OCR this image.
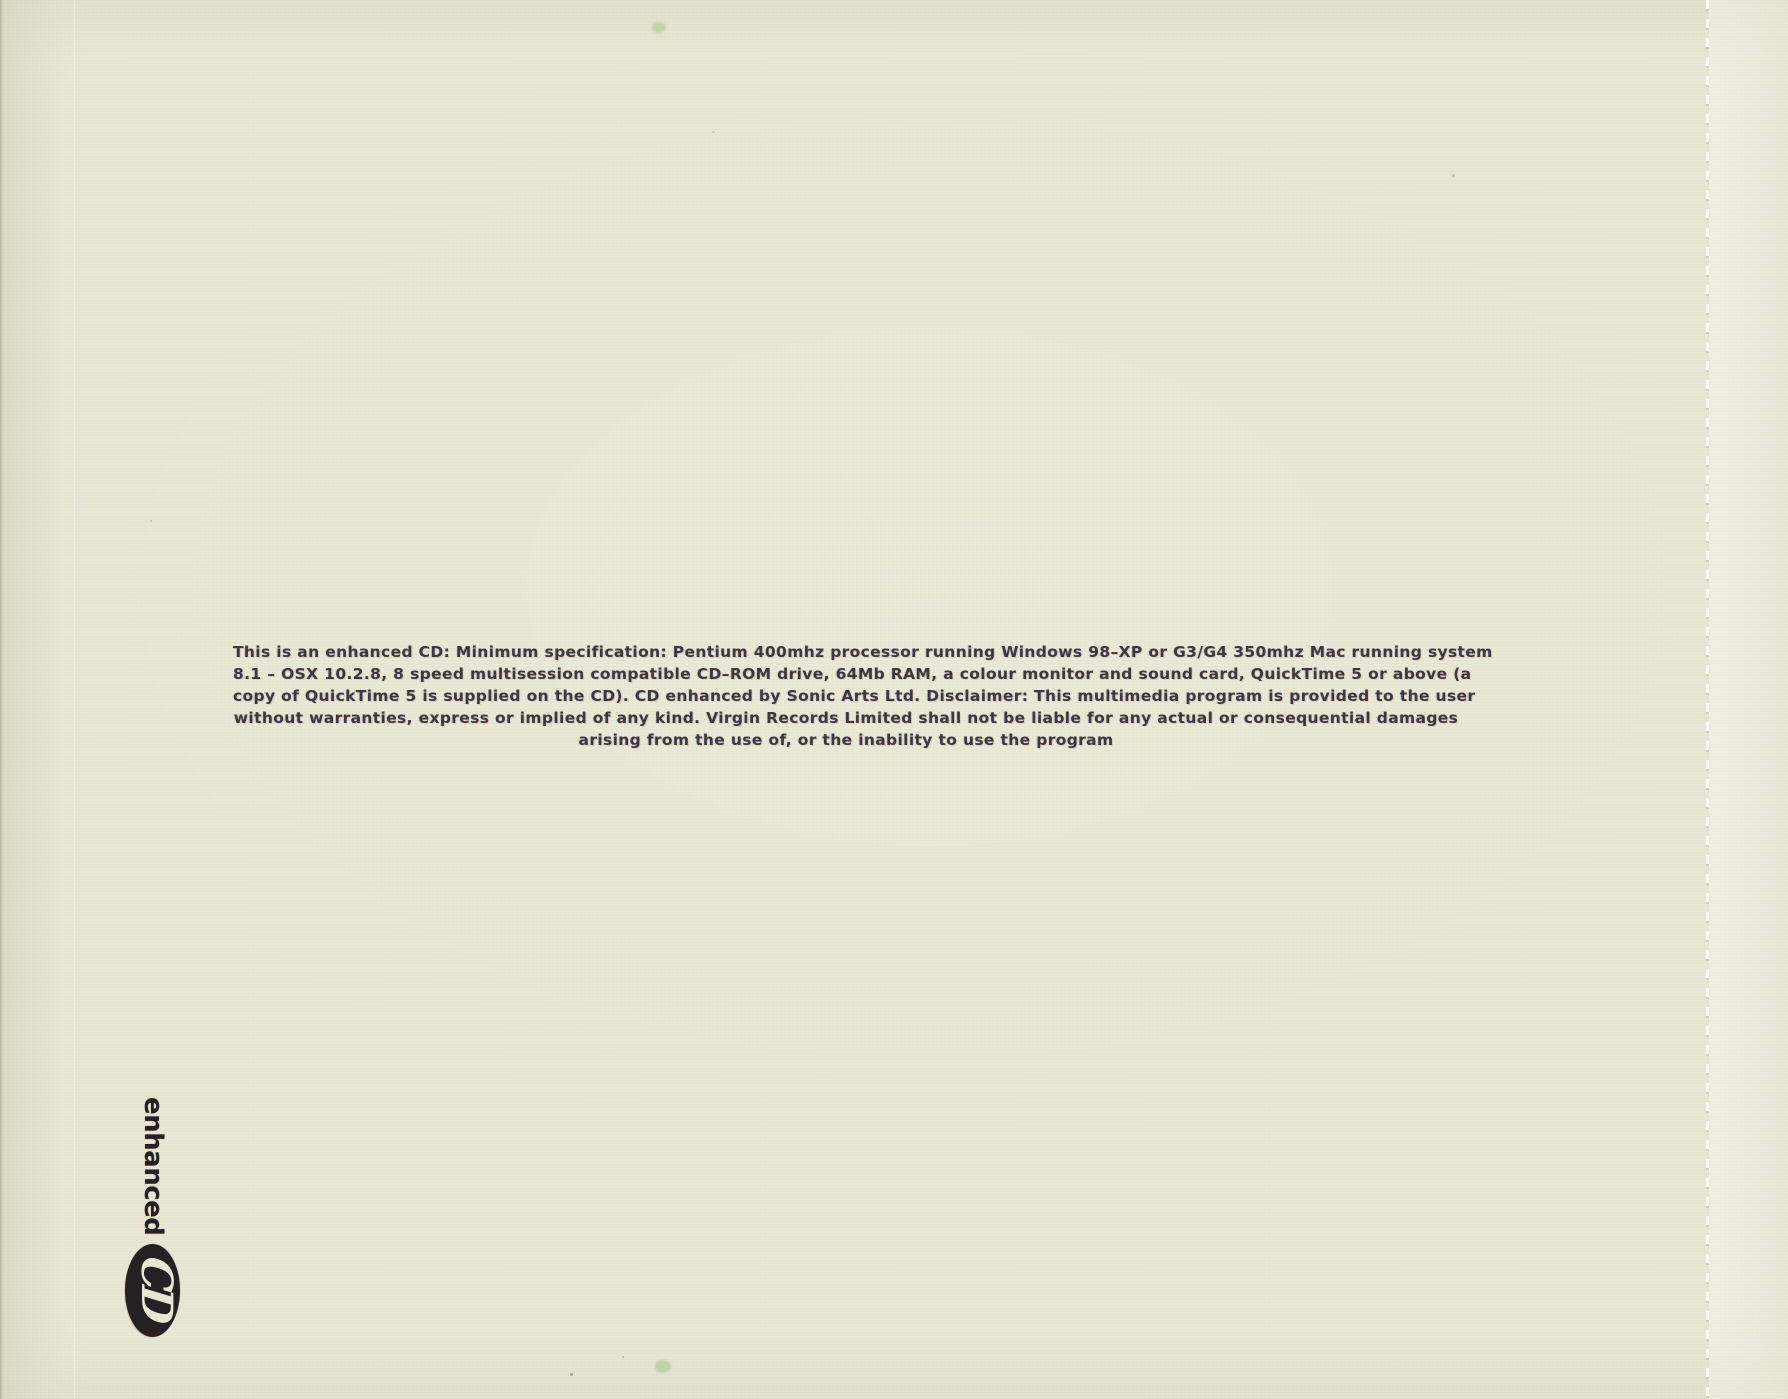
This is an enhanced CD: Minimum specification: Pentium 400mhz processor running Windows 98–XP or G3/G4 350mhz Mac running system
8.1 – OSX 10.2.8, 8 speed multisession compatible CD–ROM drive, 64Mb RAM, a colour monitor and sound card, QuickTime 5 or above (a
copy of QuickTime 5 is supplied on the CD). CD enhanced by Sonic Arts Ltd. Disclaimer: This multimedia program is provided to the user
without warranties, express or implied of any kind. Virgin Records Limited shall not be liable for any actual or consequential damages
arising from the use of, or the inability to use the program
enhanced
CD
